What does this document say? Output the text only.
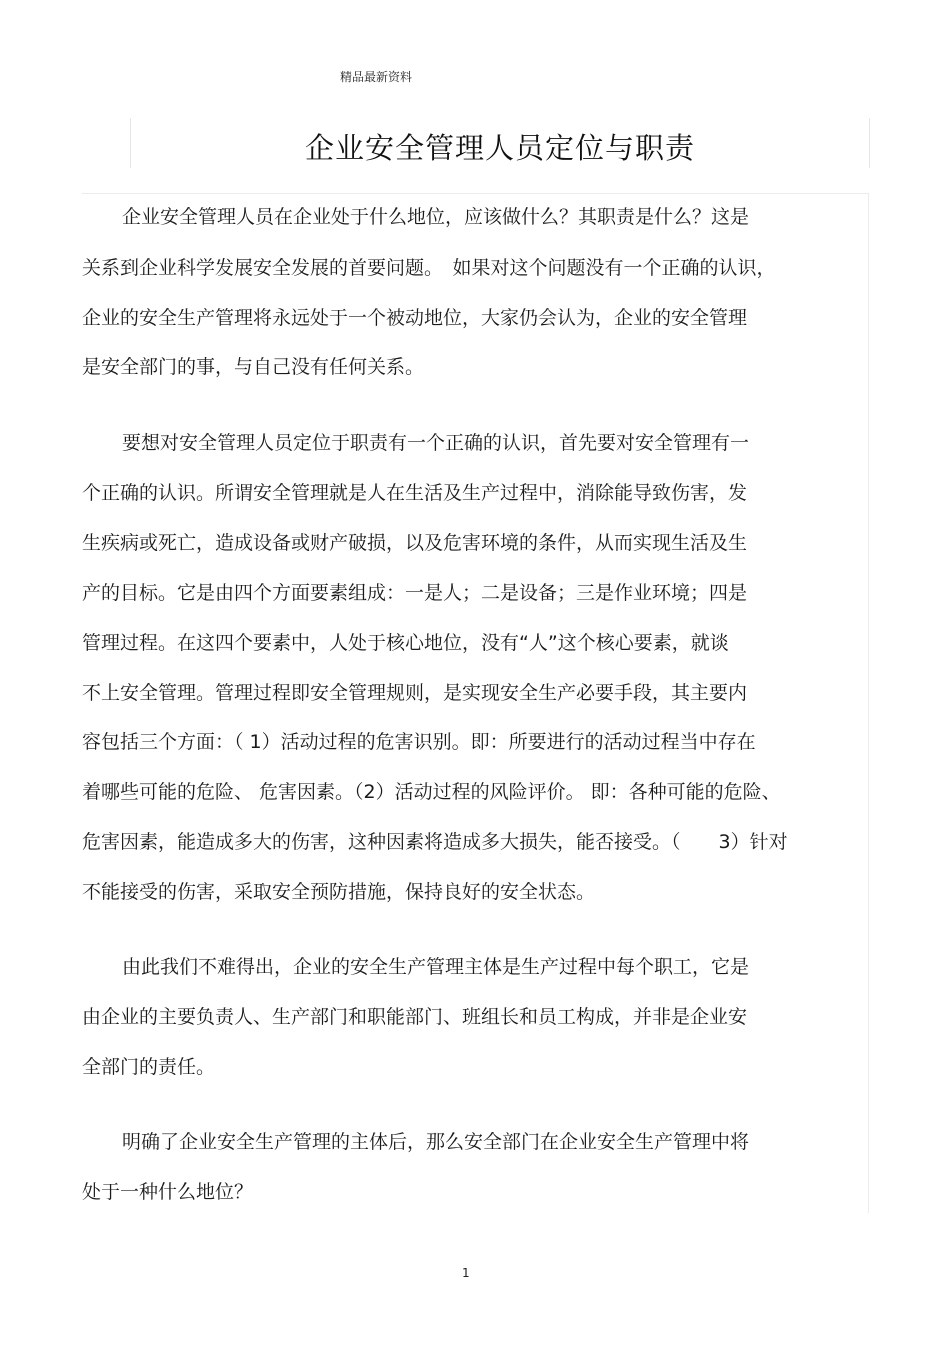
精品最新资料
企业安全管理人员定位与职责
企业安全管理人员在企业处于什么地位，应该做什么？其职责是什么？这是
关系到企业科学发展安全发展的首要问题。　如果对这个问题没有一个正确的认识，
企业的安全生产管理将永远处于一个被动地位，大家仍会认为，企业的安全管理
是安全部门的事，与自己没有任何关系。
要想对安全管理人员定位于职责有一个正确的认识，首先要对安全管理有一
个正确的认识。所谓安全管理就是人在生活及生产过程中，消除能导致伤害，发
生疾病或死亡，造成设备或财产破损，以及危害环境的条件，从而实现生活及生
产的目标。它是由四个方面要素组成：一是人；二是设备；三是作业环境；四是
管理过程。在这四个要素中，人处于核心地位，没有“人”这个核心要素，就谈
不上安全管理。管理过程即安全管理规则，是实现安全生产必要手段，其主要内
容包括三个方面：（ 1）活动过程的危害识别。即：所要进行的活动过程当中存在
着哪些可能的危险、 危害因素。（2）活动过程的风险评价。 即：各种可能的危险、
危害因素，能造成多大的伤害，这种因素将造成多大损失，能否接受。（　　3）针对
不能接受的伤害，采取安全预防措施，保持良好的安全状态。
由此我们不难得出，企业的安全生产管理主体是生产过程中每个职工，它是
由企业的主要负责人、生产部门和职能部门、班组长和员工构成，并非是企业安
全部门的责任。
明确了企业安全生产管理的主体后，那么安全部门在企业安全生产管理中将
处于一种什么地位？
1
